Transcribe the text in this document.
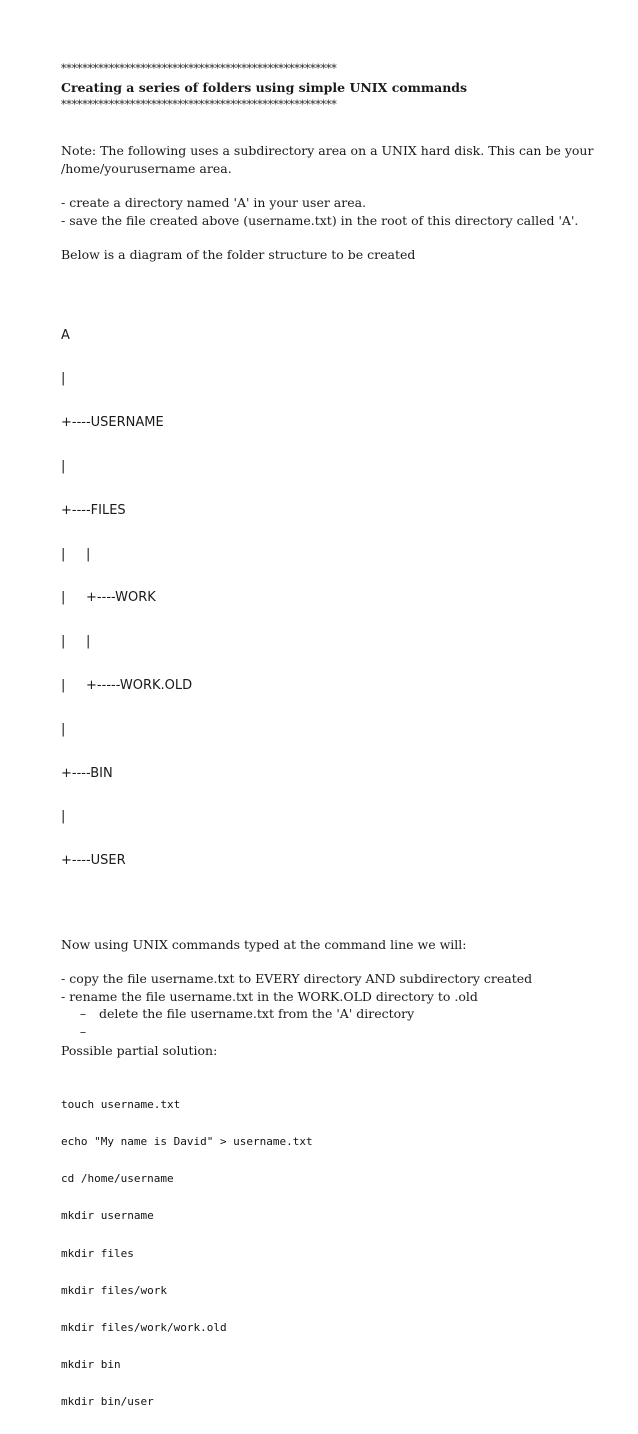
****************************************************
Creating a series of folders using simple UNIX commands
****************************************************
Note: The following uses a subdirectory area on a UNIX hard disk. This can be your /home/yourusername area.
- create a directory named 'A' in your user area.
- save the file created above (username.txt) in the root of this directory called 'A'.
Below is a diagram of the folder structure to be created

A

|

+----USERNAME

|

+----FILES

|     |

|     +----WORK

|     |

|     +-----WORK.OLD

|

+----BIN

|

+----USER

Now using UNIX commands typed at the command line we will:
- copy the file username.txt to EVERY directory AND subdirectory created
- rename the file username.txt in the WORK.OLD directory to .old
– delete the file username.txt from the 'A' directory
–
Possible partial solution:

touch username.txt

echo "My name is David" > username.txt

cd /home/username

mkdir username

mkdir files

mkdir files/work

mkdir files/work/work.old

mkdir bin

mkdir bin/user
